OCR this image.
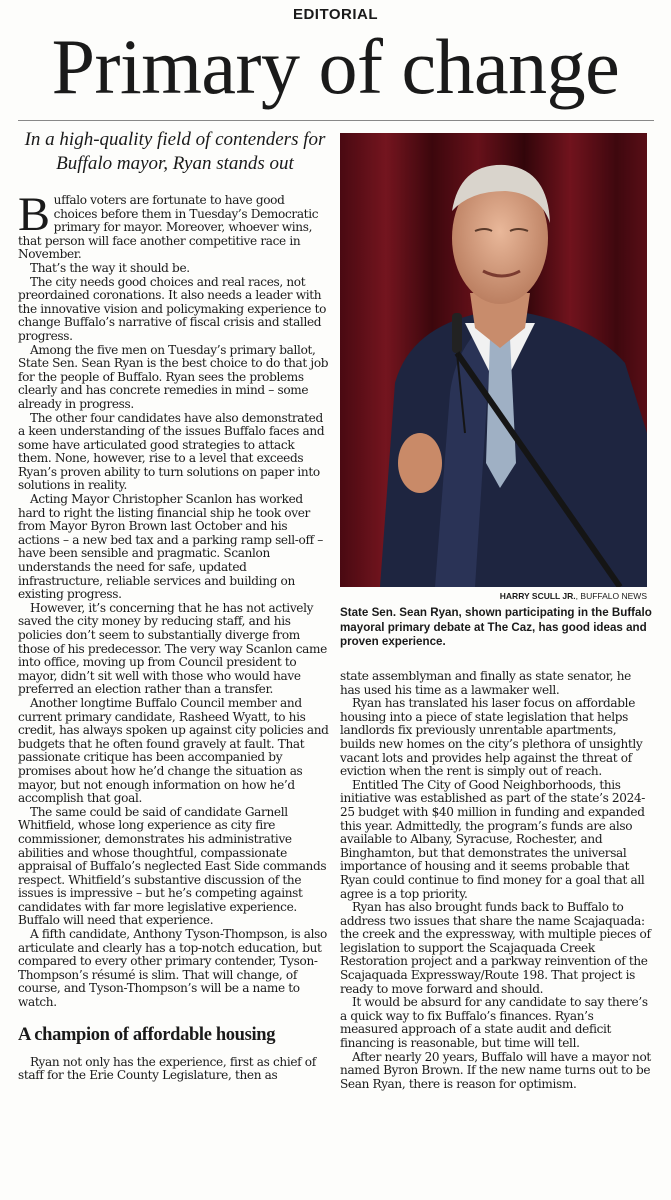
EDITORIAL
Primary of change
In a high-quality field of contenders for Buffalo mayor, Ryan stands out

Buffalo voters are fortunate to have good choices before them in Tuesday’s Democratic primary for mayor. Moreover, whoever wins, that person will face another competitive race in November.

That’s the way it should be.

The city needs good choices and real races, not preordained coronations. It also needs a leader with the innovative vision and policymaking experience to change Buffalo’s narrative of fiscal crisis and stalled progress.

Among the five men on Tuesday’s primary ballot, State Sen. Sean Ryan is the best choice to do that job for the people of Buffalo. Ryan sees the problems clearly and has concrete remedies in mind – some already in progress.

The other four candidates have also demonstrated a keen understanding of the issues Buffalo faces and some have articulated good strategies to attack them. None, however, rise to a level that exceeds Ryan’s proven ability to turn solutions on paper into solutions in reality.

Acting Mayor Christopher Scanlon has worked hard to right the listing financial ship he took over from Mayor Byron Brown last October and his actions – a new bed tax and a parking ramp sell-off – have been sensible and pragmatic. Scanlon understands the need for safe, updated infrastructure, reliable services and building on existing progress.

However, it’s concerning that he has not actively saved the city money by reducing staff, and his policies don’t seem to substantially diverge from those of his predecessor. The very way Scanlon came into office, moving up from Council president to mayor, didn’t sit well with those who would have preferred an election rather than a transfer.

Another longtime Buffalo Council member and current primary candidate, Rasheed Wyatt, to his credit, has always spoken up against city policies and budgets that he often found gravely at fault. That passionate critique has been accompanied by promises about how he’d change the situation as mayor, but not enough information on how he’d accomplish that goal.

The same could be said of candidate Garnell Whitfield, whose long experience as city fire commissioner, demonstrates his administrative abilities and whose thoughtful, compassionate appraisal of Buffalo’s neglected East Side commands respect. Whitfield’s substantive discussion of the issues is impressive – but he’s competing against candidates with far more legislative experience. Buffalo will need that experience.

A fifth candidate, Anthony Tyson-Thompson, is also articulate and clearly has a top-notch education, but compared to every other primary contender, Tyson-Thompson’s résumé is slim. That will change, of course, and Tyson-Thompson’s will be a name to watch.

A champion of affordable housing

Ryan not only has the experience, first as chief of staff for the Erie County Legislature, then as

HARRY SCULL JR., BUFFALO NEWS
State Sen. Sean Ryan, shown participating in the Buffalo mayoral primary debate at The Caz, has good ideas and proven experience.

state assemblyman and finally as state senator, he has used his time as a lawmaker well.

Ryan has translated his laser focus on affordable housing into a piece of state legislation that helps landlords fix previously unrentable apartments, builds new homes on the city’s plethora of unsightly vacant lots and provides help against the threat of eviction when the rent is simply out of reach.

Entitled The City of Good Neighborhoods, this initiative was established as part of the state’s 2024-25 budget with $40 million in funding and expanded this year. Admittedly, the program’s funds are also available to Albany, Syracuse, Rochester, and Binghamton, but that demonstrates the universal importance of housing and it seems probable that Ryan could continue to find money for a goal that all agree is a top priority.

Ryan has also brought funds back to Buffalo to address two issues that share the name Scajaquada: the creek and the expressway, with multiple pieces of legislation to support the Scajaquada Creek Restoration project and a parkway reinvention of the Scajaquada Expressway/Route 198. That project is ready to move forward and should.

It would be absurd for any candidate to say there’s a quick way to fix Buffalo’s finances. Ryan’s measured approach of a state audit and deficit financing is reasonable, but time will tell.

After nearly 20 years, Buffalo will have a mayor not named Byron Brown. If the new name turns out to be Sean Ryan, there is reason for optimism.
